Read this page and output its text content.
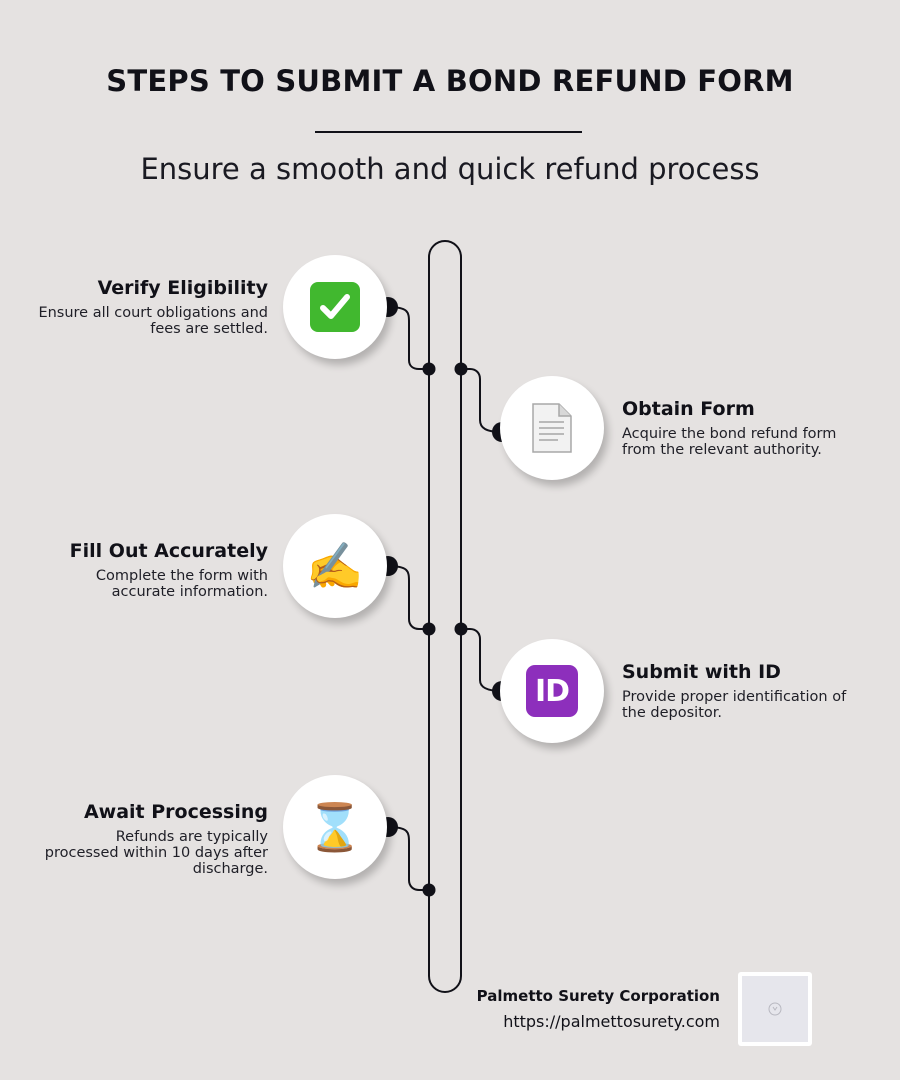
STEPS TO SUBMIT A BOND REFUND FORM
Ensure a smooth and quick refund process
Verify Eligibility

Ensure all court obligations and fees are settled.

Obtain Form

Acquire the bond refund form from the relevant authority.

Fill Out Accurately

Complete the form with accurate information. ✍️
ID
Submit with ID

Provide proper identification of the depositor.

Await Processing

Refunds are typically processed within 10 days after discharge.

⌛
Palmetto Surety Corporation
https://palmettosurety.com
